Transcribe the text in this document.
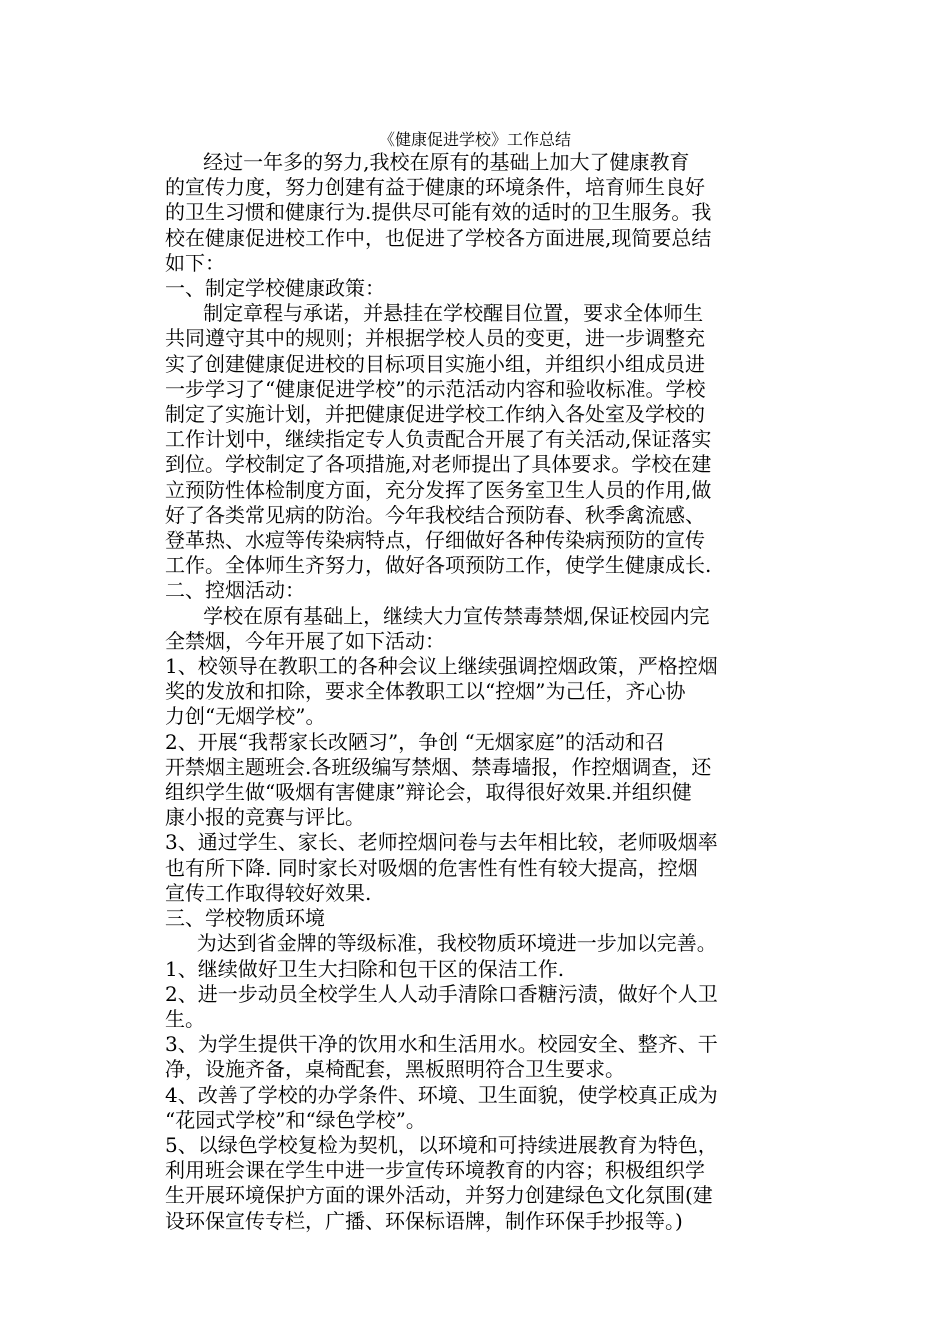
《健康促进学校》工作总结
经过一年多的努力,我校在原有的基础上加大了健康教育
的宣传力度，努力创建有益于健康的环境条件，培育师生良好
的卫生习惯和健康行为.提供尽可能有效的适时的卫生服务。我
校在健康促进校工作中，也促进了学校各方面进展,现简要总结
如下：
一、制定学校健康政策：
制定章程与承诺，并悬挂在学校醒目位置，要求全体师生
共同遵守其中的规则；并根据学校人员的变更，进一步调整充
实了创建健康促进校的目标项目实施小组，并组织小组成员进
一步学习了“健康促进学校”的示范活动内容和验收标准。学校
制定了实施计划，并把健康促进学校工作纳入各处室及学校的
工作计划中，继续指定专人负责配合开展了有关活动,保证落实
到位。学校制定了各项措施,对老师提出了具体要求。学校在建
立预防性体检制度方面，充分发挥了医务室卫生人员的作用,做
好了各类常见病的防治。今年我校结合预防春、秋季禽流感、
登革热、水痘等传染病特点，仔细做好各种传染病预防的宣传
工作。全体师生齐努力，做好各项预防工作，使学生健康成长.
二、控烟活动：
学校在原有基础上，继续大力宣传禁毒禁烟,保证校园内完
全禁烟，今年开展了如下活动：
1、校领导在教职工的各种会议上继续强调控烟政策，严格控烟
奖的发放和扣除，要求全体教职工以“控烟”为己任，齐心协
力创“无烟学校”。
2、开展“我帮家长改陋习”，争创 “无烟家庭”的活动和召
开禁烟主题班会.各班级编写禁烟、禁毒墙报，作控烟调查，还
组织学生做“吸烟有害健康”辩论会，取得很好效果.并组织健
康小报的竞赛与评比。
3、通过学生、家长、老师控烟问卷与去年相比较，老师吸烟率
也有所下降. 同时家长对吸烟的危害性有性有较大提高，控烟
宣传工作取得较好效果.
三、学校物质环境
为达到省金牌的等级标准，我校物质环境进一步加以完善。
1、继续做好卫生大扫除和包干区的保洁工作.
2、进一步动员全校学生人人动手清除口香糖污渍，做好个人卫
生。
3、为学生提供干净的饮用水和生活用水。校园安全、整齐、干
净，设施齐备，桌椅配套，黑板照明符合卫生要求。
4、改善了学校的办学条件、环境、卫生面貌，使学校真正成为
“花园式学校”和“绿色学校”。
5、以绿色学校复检为契机，以环境和可持续进展教育为特色，
利用班会课在学生中进一步宣传环境教育的内容；积极组织学
生开展环境保护方面的课外活动，并努力创建绿色文化氛围(建
设环保宣传专栏，广播、环保标语牌，制作环保手抄报等。)
